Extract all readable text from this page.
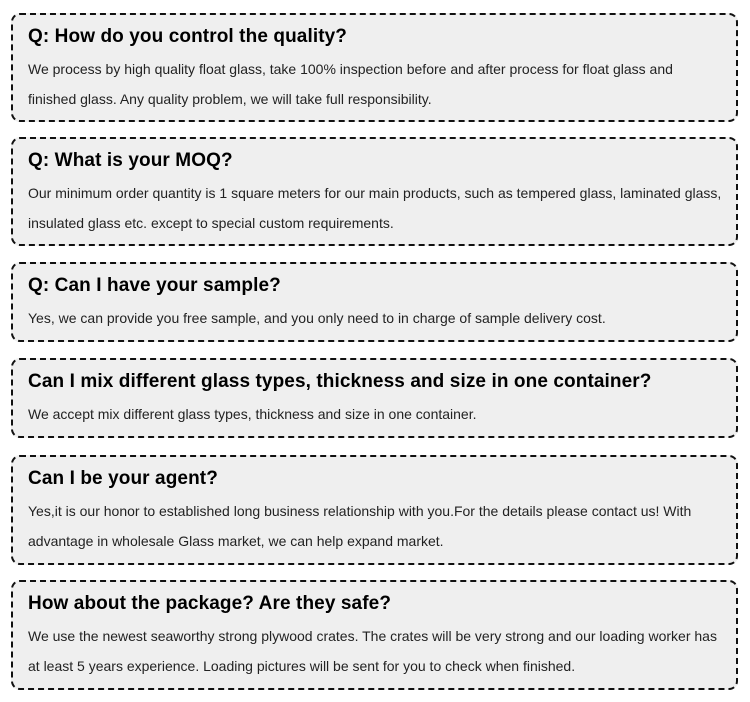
Q: How do you control the quality?

We process by high quality float glass, take 100% inspection before and after process for float glass and finished glass. Any quality problem, we will take full responsibility.

Q: What is your MOQ?

Our minimum order quantity is 1 square meters for our main products, such as tempered glass, laminated glass, insulated glass etc. except to special custom requirements.

Q: Can I have your sample?

Yes, we can provide you free sample, and you only need to in charge of sample delivery cost.

Can I mix different glass types, thickness and size in one container?

We accept mix different glass types, thickness and size in one container.

Can I be your agent?

Yes,it is our honor to established long business relationship with you.For the details please contact us! With advantage in wholesale Glass market, we can help expand market.

How about the package? Are they safe?

We use the newest seaworthy strong plywood crates. The crates will be very strong and our loading worker has at least 5 years experience. Loading pictures will be sent for you to check when finished.
